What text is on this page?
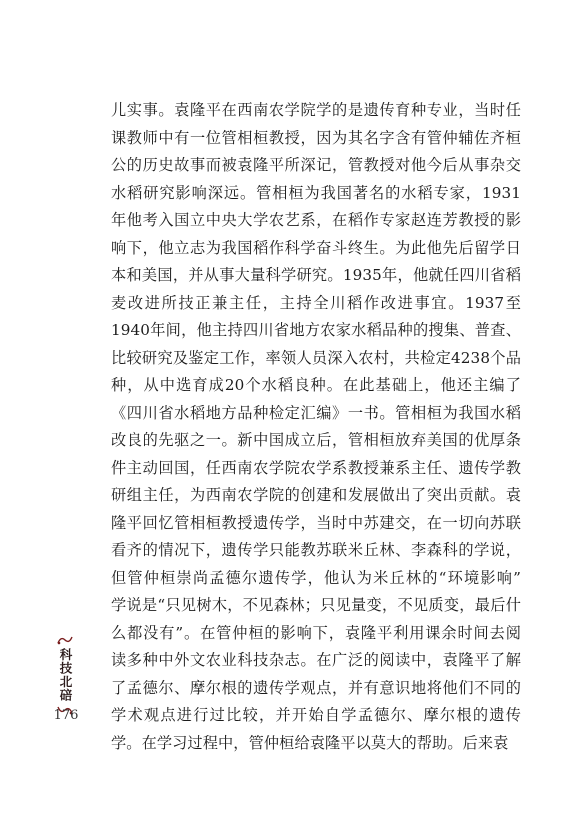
儿实事。袁隆平在西南农学院学的是遗传育种专业，当时任
课教师中有一位管相桓教授，因为其名字含有管仲辅佐齐桓
公的历史故事而被袁隆平所深记，管教授对他今后从事杂交
水稻研究影响深远。管相桓为我国著名的水稻专家，1931
年他考入国立中央大学农艺系，在稻作专家赵连芳教授的影
响下，他立志为我国稻作科学奋斗终生。为此他先后留学日
本和美国，并从事大量科学研究。1935年，他就任四川省稻
麦改进所技正兼主任，主持全川稻作改进事宜。1937至
1940年间，他主持四川省地方农家水稻品种的搜集、普查、
比较研究及鉴定工作，率领人员深入农村，共检定4238个品
种，从中选育成20个水稻良种。在此基础上，他还主编了
《四川省水稻地方品种检定汇编》一书。管相桓为我国水稻
改良的先驱之一。新中国成立后，管相桓放弃美国的优厚条
件主动回国，任西南农学院农学系教授兼系主任、遗传学教
研组主任，为西南农学院的创建和发展做出了突出贡献。袁
隆平回忆管相桓教授遗传学，当时中苏建交，在一切向苏联
看齐的情况下，遗传学只能教苏联米丘林、李森科的学说，
但管仲桓崇尚孟德尔遗传学，他认为米丘林的“环境影响”
学说是“只见树木，不见森林；只见量变，不见质变，最后什
么都没有”。在管仲桓的影响下，袁隆平利用课余时间去阅
读多种中外文农业科技杂志。在广泛的阅读中，袁隆平了解
了孟德尔、摩尔根的遗传学观点，并有意识地将他们不同的
学术观点进行过比较，并开始自学孟德尔、摩尔根的遗传
学。在学习过程中，管仲桓给袁隆平以莫大的帮助。后来袁
科技北碚
176
